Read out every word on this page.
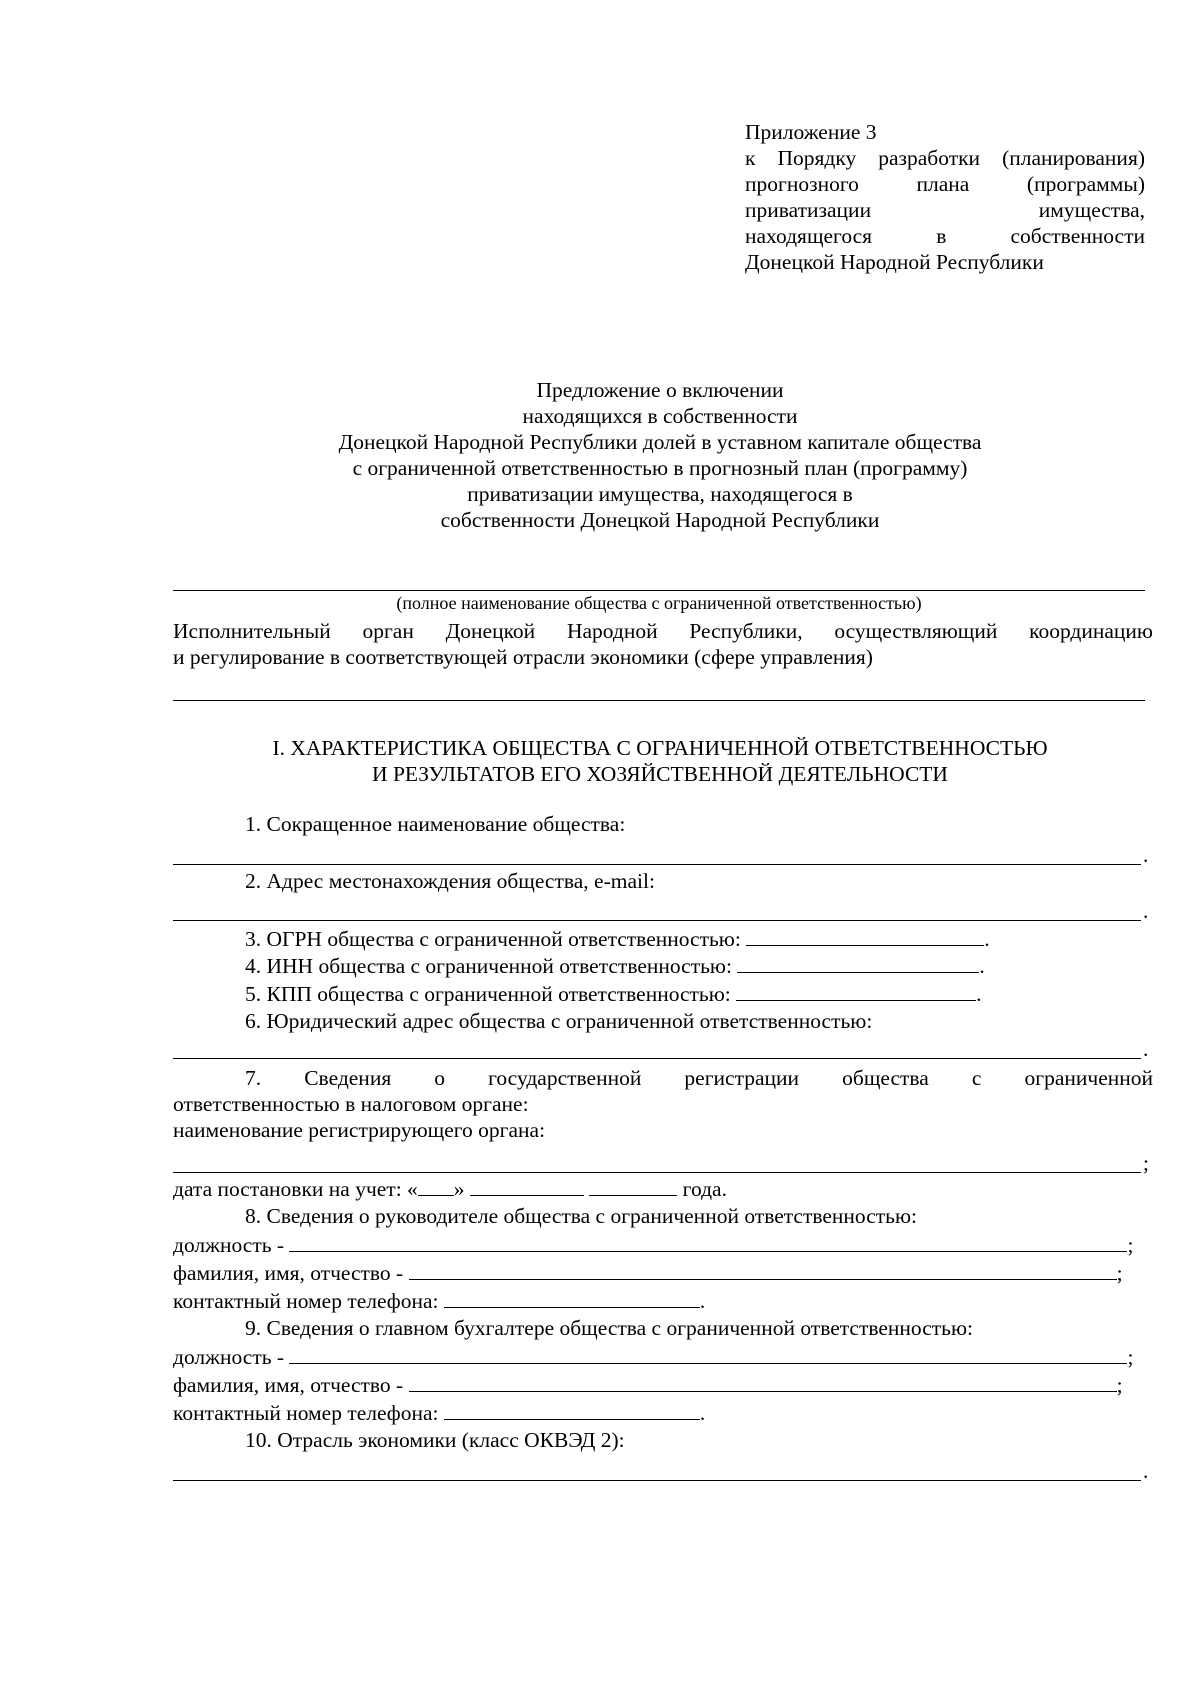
Приложение 3
к Порядку разработки (планирования)
прогнозного плана (программы)
приватизации имущества,
находящегося в собственности
Донецкой Народной Республики
Предложение о включении
находящихся в собственности
Донецкой Народной Республики долей в уставном капитале общества
с ограниченной ответственностью в прогнозный план (программу)
приватизации имущества, находящегося в
собственности Донецкой Народной Республики
(полное наименование общества с ограниченной ответственностью)
Исполнительный орган Донецкой Народной Республики, осуществляющий координацию
и регулирование в соответствующей отрасли экономики (сфере управления)
I. ХАРАКТЕРИСТИКА ОБЩЕСТВА С ОГРАНИЧЕННОЙ ОТВЕТСТВЕННОСТЬЮ
И РЕЗУЛЬТАТОВ ЕГО ХОЗЯЙСТВЕННОЙ ДЕЯТЕЛЬНОСТИ
1. Сокращенное наименование общества:
.
2. Адрес местонахождения общества, e-mail:
.
3. ОГРН общества с ограниченной ответственностью:	.
4. ИНН общества с ограниченной ответственностью:	.
5. КПП общества с ограниченной ответственностью:	.
6. Юридический адрес общества с ограниченной ответственностью:
.
7. Сведения о государственной регистрации общества с ограниченной
ответственностью в налоговом органе:
наименование регистрирующего органа:
;
дата постановки на учет: « »	года.
8. Сведения о руководителе общества с ограниченной ответственностью:
должность -	;
фамилия, имя, отчество -	;
контактный номер телефона:	.
9. Сведения о главном бухгалтере общества с ограниченной ответственностью:
должность -	;
фамилия, имя, отчество -	;
контактный номер телефона:	.
10. Отрасль экономики (класс ОКВЭД 2):
.
